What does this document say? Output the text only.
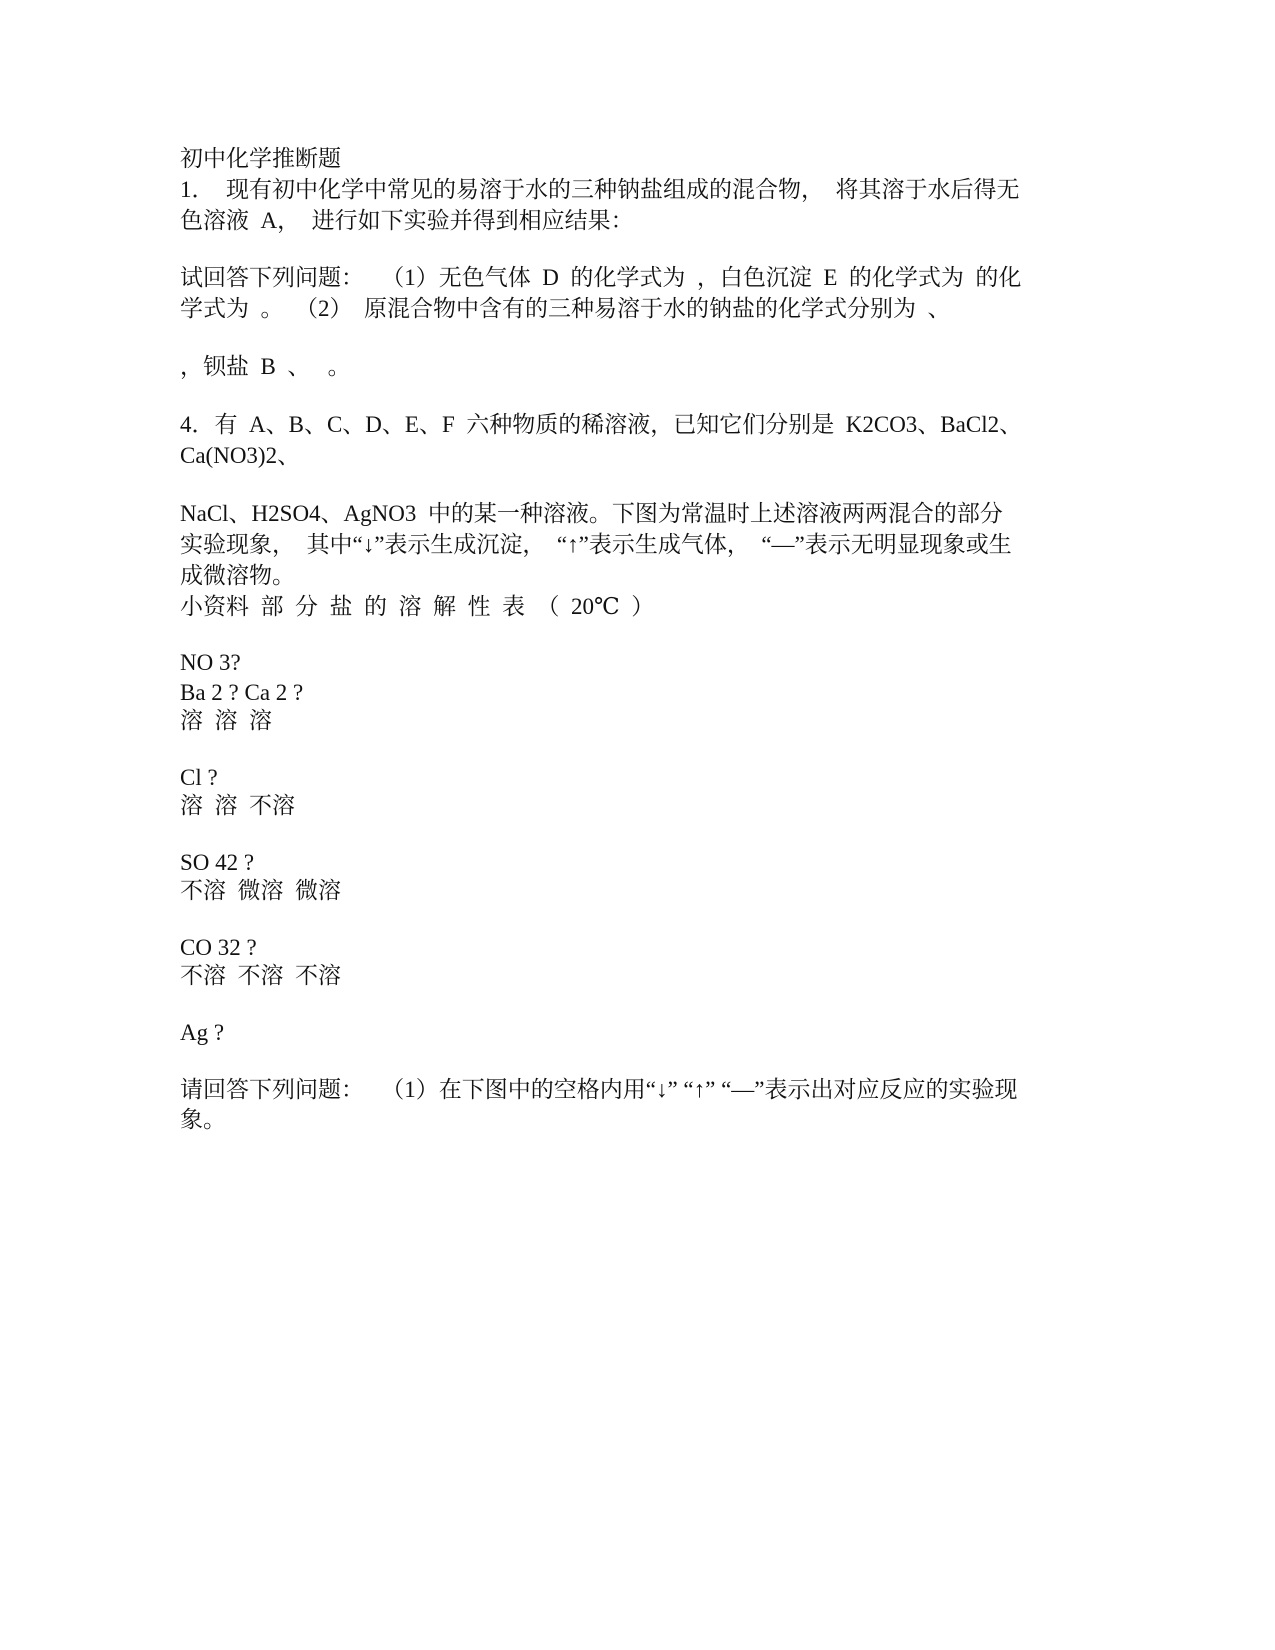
初中化学推断题
1．  现有初中化学中常见的易溶于水的三种钠盐组成的混合物，  将其溶于水后得无
色溶液  A，  进行如下实验并得到相应结果：
试回答下列问题：   （1）无色气体  D  的化学式为  ，白色沉淀  E  的化学式为  的化
学式为  。  （2）  原混合物中含有的三种易溶于水的钠盐的化学式分别为  、
，钡盐  B  、   。
4．有  A、B、C、D、E、F  六种物质的稀溶液，已知它们分别是  K2CO3、BaCl2、
Ca(NO3)2、
NaCl、H2SO4、AgNO3  中的某一种溶液。下图为常温时上述溶液两两混合的部分
实验现象，  其中“↓”表示生成沉淀，  “↑”表示生成气体，  “—”表示无明显现象或生
成微溶物。
小资料  部  分  盐  的  溶  解  性  表  （  20℃  ）
NO 3?
Ba 2 ? Ca 2 ?
溶  溶  溶
Cl ?
溶  溶  不溶
SO 42 ?
不溶  微溶  微溶
CO 32 ?
不溶  不溶  不溶
Ag ?
请回答下列问题：   （1）在下图中的空格内用“↓” “↑” “—”表示出对应反应的实验现
象。
